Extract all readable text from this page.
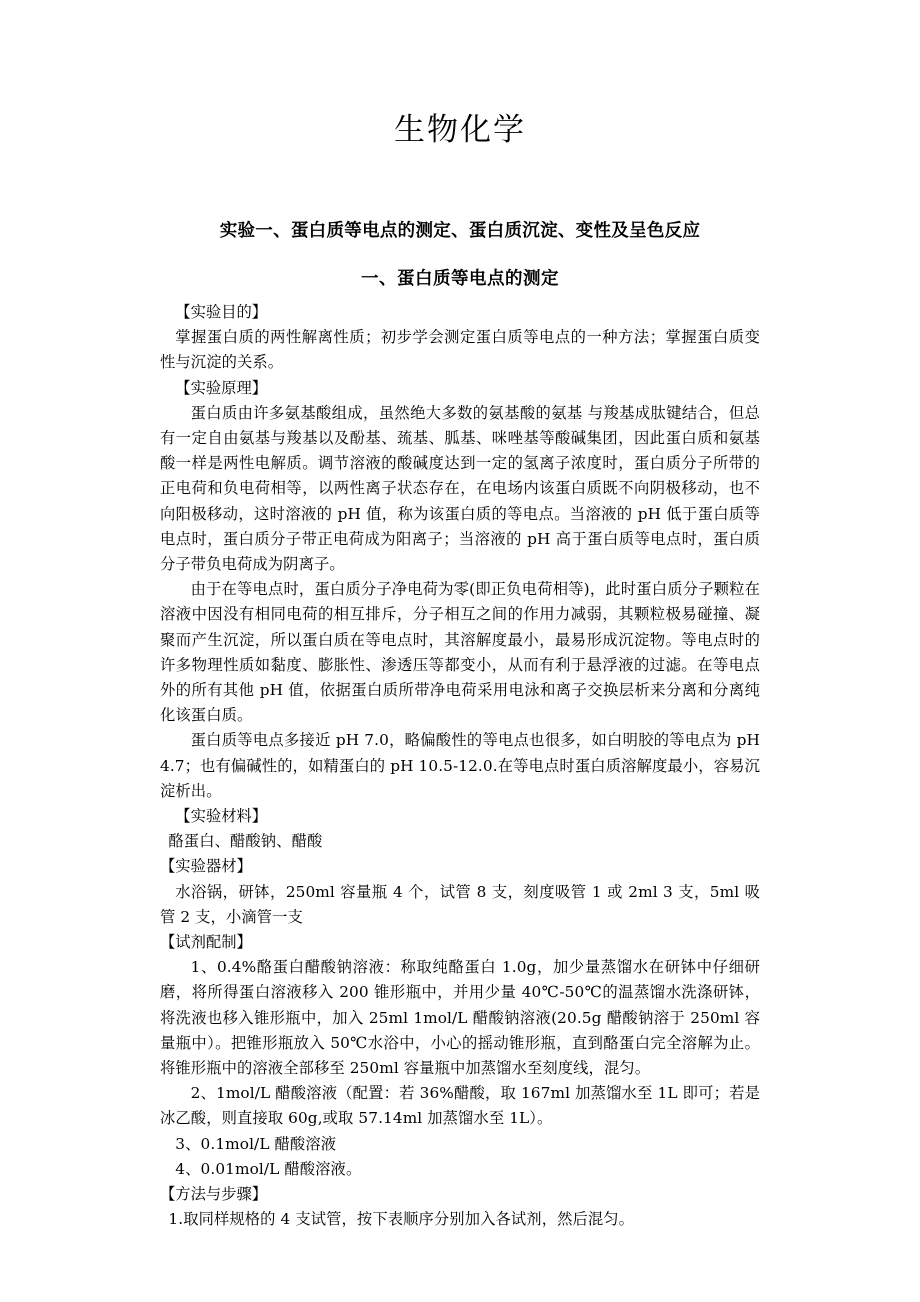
生物化学
实验一、蛋白质等电点的测定、蛋白质沉淀、变性及呈色反应
一、蛋白质等电点的测定

【实验目的】

掌握蛋白质的两性解离性质；初步学会测定蛋白质等电点的一种方法；掌握蛋白质变性与沉淀的关系。

【实验原理】

蛋白质由许多氨基酸组成，虽然绝大多数的氨基酸的氨基 与羧基成肽键结合，但总有一定自由氨基与羧基以及酚基、巯基、胍基、咪唑基等酸碱集团，因此蛋白质和氨基酸一样是两性电解质。调节溶液的酸碱度达到一定的氢离子浓度时，蛋白质分子所带的正电荷和负电荷相等，以两性离子状态存在，在电场内该蛋白质既不向阴极移动，也不向阳极移动，这时溶液的 pH 值，称为该蛋白质的等电点。当溶液的 pH 低于蛋白质等电点时，蛋白质分子带正电荷成为阳离子；当溶液的 pH 高于蛋白质等电点时，蛋白质分子带负电荷成为阴离子。

由于在等电点时，蛋白质分子净电荷为零(即正负电荷相等)，此时蛋白质分子颗粒在溶液中因没有相同电荷的相互排斥，分子相互之间的作用力减弱，其颗粒极易碰撞、凝聚而产生沉淀，所以蛋白质在等电点时，其溶解度最小，最易形成沉淀物。等电点时的许多物理性质如黏度、膨胀性、渗透压等都变小，从而有利于悬浮液的过滤。在等电点外的所有其他 pH 值，依据蛋白质所带净电荷采用电泳和离子交换层析来分离和分离纯化该蛋白质。

蛋白质等电点多接近 pH 7.0，略偏酸性的等电点也很多，如白明胶的等电点为 pH 4.7；也有偏碱性的，如精蛋白的 pH 10.5-12.0.在等电点时蛋白质溶解度最小，容易沉淀析出。

【实验材料】

酪蛋白、醋酸钠、醋酸

【实验器材】

水浴锅，研钵，250ml 容量瓶 4 个，试管 8 支，刻度吸管 1 或 2ml 3 支，5ml 吸管 2 支，小滴管一支

【试剂配制】

1、0.4%酪蛋白醋酸钠溶液：称取纯酪蛋白 1.0g，加少量蒸馏水在研钵中仔细研磨，将所得蛋白溶液移入 200 锥形瓶中，并用少量 40℃-50℃的温蒸馏水洗涤研钵，将洗液也移入锥形瓶中，加入 25ml 1mol/L 醋酸钠溶液(20.5g 醋酸钠溶于 250ml 容量瓶中）。把锥形瓶放入 50℃水浴中，小心的摇动锥形瓶，直到酪蛋白完全溶解为止。将锥形瓶中的溶液全部移至 250ml 容量瓶中加蒸馏水至刻度线，混匀。

2、1mol/L 醋酸溶液（配置：若 36%醋酸，取 167ml 加蒸馏水至 1L 即可；若是冰乙酸，则直接取 60g,或取 57.14ml 加蒸馏水至 1L）。

3、0.1mol/L 醋酸溶液

4、0.01mol/L 醋酸溶液。

【方法与步骤】

1.取同样规格的 4 支试管，按下表顺序分别加入各试剂，然后混匀。
